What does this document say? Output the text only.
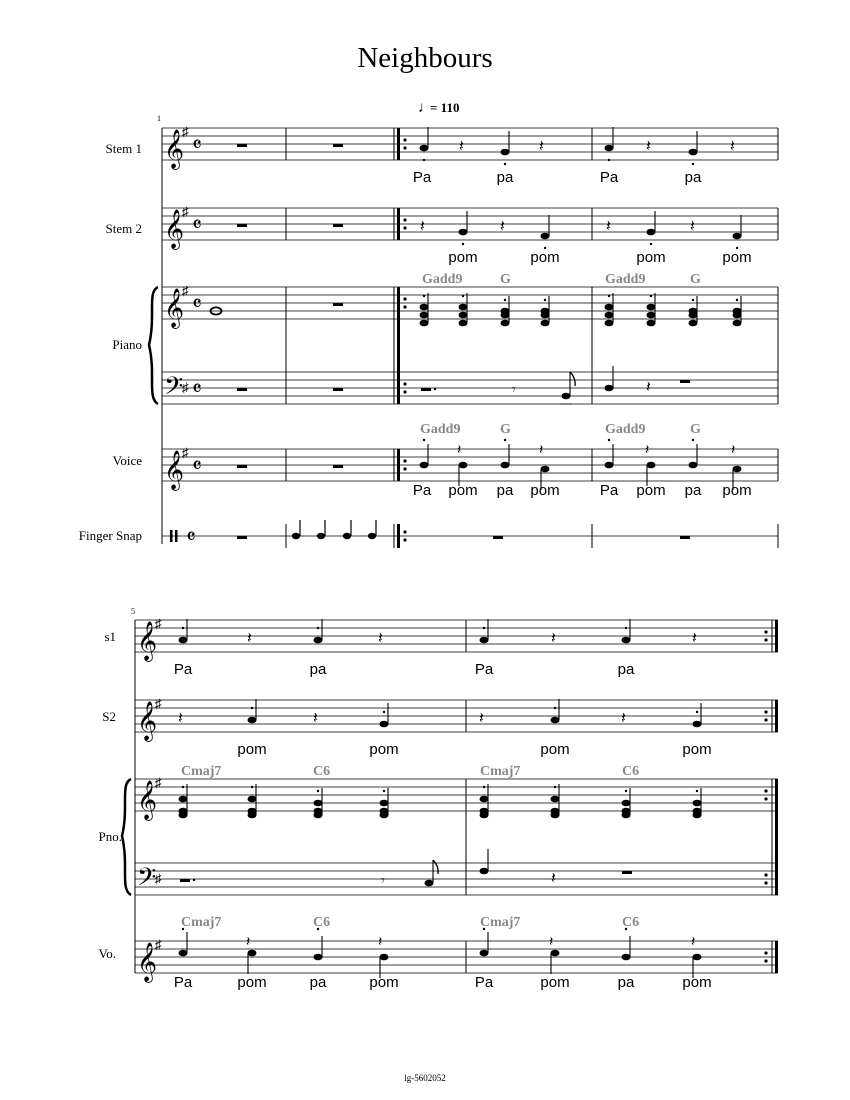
Neighbours
♩
= 110
lg-5602052
1
Stem 1
Stem 2
Piano
Voice
Finger Snap
𝄞
𝄞
𝄞
𝄢
𝄞
♯
♯
♯
♯
♯
𝄴
𝄴
𝄴
𝄴
𝄴
𝄴
𝄽	𝄽	𝄽	𝄽
𝄽	𝄽	𝄽	𝄽
𝄾	𝄽
𝄽	𝄽	𝄽	𝄽
Gadd9	G	Gadd9	G
Gadd9	G	Gadd9	G
Pa	pa	Pa	pa
pom	pom	pom	pom
Pa pom pa pom	Pa pom pa pom
5
s1
S2
Pno.
Vo.
𝄞
𝄞
𝄞
𝄢
𝄞
♯
♯
♯
♯
♯
𝄽	𝄽	𝄽	𝄽
𝄽	𝄽	𝄽	𝄽
𝄾	𝄽
𝄽	𝄽	𝄽	𝄽
Cmaj7	C6	Cmaj7	C6
Cmaj7	C6	Cmaj7	C6
Pa	pa	Pa	pa
pom	pom	pom	pom
Pa	pom	pa	pom	Pa	pom	pa	pom
